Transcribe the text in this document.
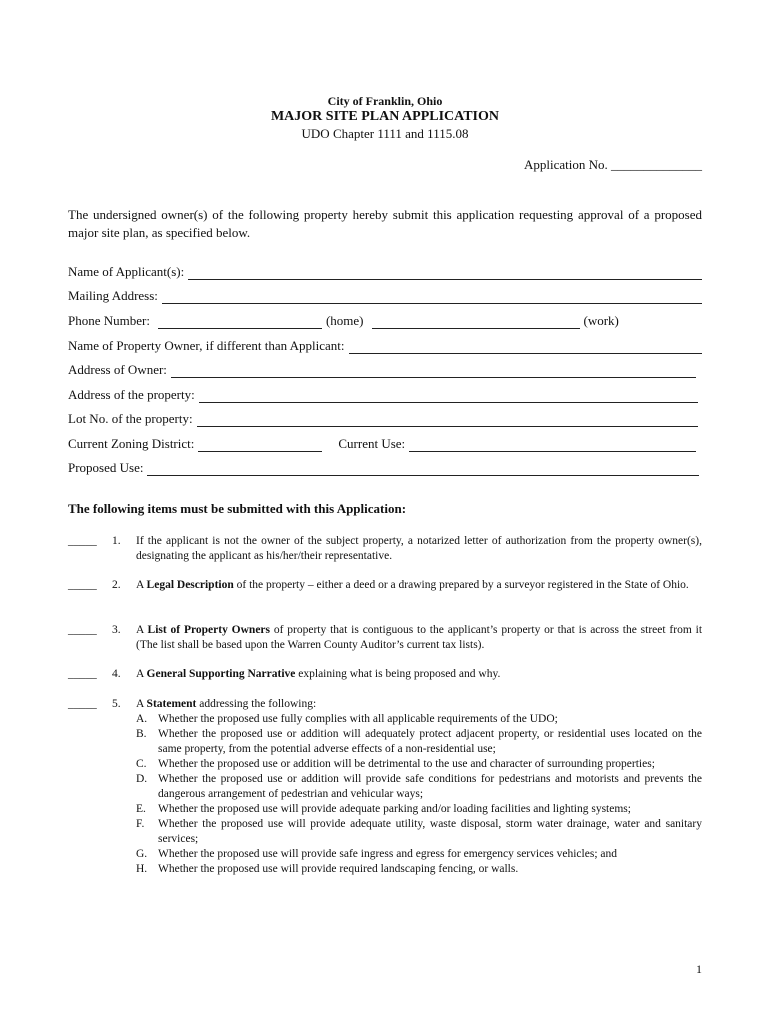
City of Franklin, Ohio
MAJOR SITE PLAN APPLICATION
UDO Chapter 1111 and 1115.08
Application No. ______________
The undersigned owner(s) of the following property hereby submit this application requesting approval of a proposed major site plan, as specified below.
Name of Applicant(s):
Mailing Address:
Phone Number:	(home)	(work)
Name of Property Owner, if different than Applicant:
Address of Owner:
Address of the property:
Lot No. of the property:
Current Zoning District:	Current Use:
Proposed Use:
The following items must be submitted with this Application:
_____ 1. If the applicant is not the owner of the subject property, a notarized letter of authorization from the property owner(s), designating the applicant as his/her/their representative.
_____ 2. A Legal Description of the property – either a deed or a drawing prepared by a surveyor registered in the State of Ohio.
_____ 3. A List of Property Owners of property that is contiguous to the applicant’s property or that is across the street from it (The list shall be based upon the Warren County Auditor’s current tax lists).
_____ 4. A General Supporting Narrative explaining what is being proposed and why.
_____ 5. A Statement addressing the following:
A. Whether the proposed use fully complies with all applicable requirements of the UDO;
B. Whether the proposed use or addition will adequately protect adjacent property, or residential uses located on the same property, from the potential adverse effects of a non-residential use;
C. Whether the proposed use or addition will be detrimental to the use and character of surrounding properties;
D. Whether the proposed use or addition will provide safe conditions for pedestrians and motorists and prevents the dangerous arrangement of pedestrian and vehicular ways;
E. Whether the proposed use will provide adequate parking and/or loading facilities and lighting systems;
F. Whether the proposed use will provide adequate utility, waste disposal, storm water drainage, water and sanitary services;
G. Whether the proposed use will provide safe ingress and egress for emergency services vehicles; and
H. Whether the proposed use will provide required landscaping fencing, or walls.
1
